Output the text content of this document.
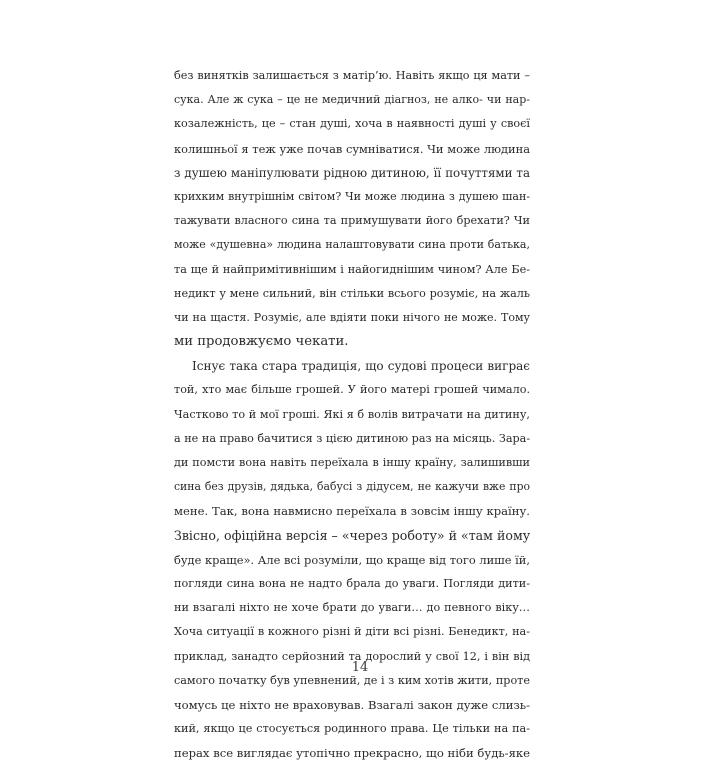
без винятків залишається з матір’ю. Навіть якщо ця мати –
сука. Але ж сука – це не медичний діагноз, не алко- чи нар-
козалежність, це – стан душі, хоча в наявності душі у своєї
колишньої я теж уже почав сумніватися. Чи може людина
з душею маніпулювати рідною дитиною, її почуттями та
крихким внутрішнім світом? Чи може людина з душею шан-
тажувати власного сина та примушувати його брехати? Чи
може «душевна» людина налаштовувати сина проти батька,
та ще й найпримітивнішим і найогиднішим чином? Але Бе-
недикт у мене сильний, він стільки всього розуміє, на жаль
чи на щастя. Розуміє, але вдіяти поки нічого не може. Тому
ми продовжуємо чекати.
Існує така стара традиція, що судові процеси виграє
той, хто має більше грошей. У його матері грошей чимало.
Частково то й мої гроші. Які я б волів витрачати на дитину,
а не на право бачитися з цією дитиною раз на місяць. Зара-
ди помсти вона навіть переїхала в іншу країну, залишивши
сина без друзів, дядька, бабусі з дідусем, не кажучи вже про
мене. Так, вона навмисно переїхала в зовсім іншу країну.
Звісно, офіційна версія – «через роботу» й «там йому
буде краще». Але всі розуміли, що краще від того лише їй,
погляди сина вона не надто брала до уваги. Погляди дити-
ни взагалі ніхто не хоче брати до уваги… до певного віку…
Хоча ситуації в кожного різні й діти всі різні. Бенедикт, на-
приклад, занадто серйозний та дорослий у свої 12, і він від
самого початку був упевнений, де і з ким хотів жити, проте
чомусь це ніхто не враховував. Взагалі закон дуже слизь-
кий, якщо це стосується родинного права. Це тільки на па-
перах все виглядає утопічно прекрасно, що ніби будь-яке
14
